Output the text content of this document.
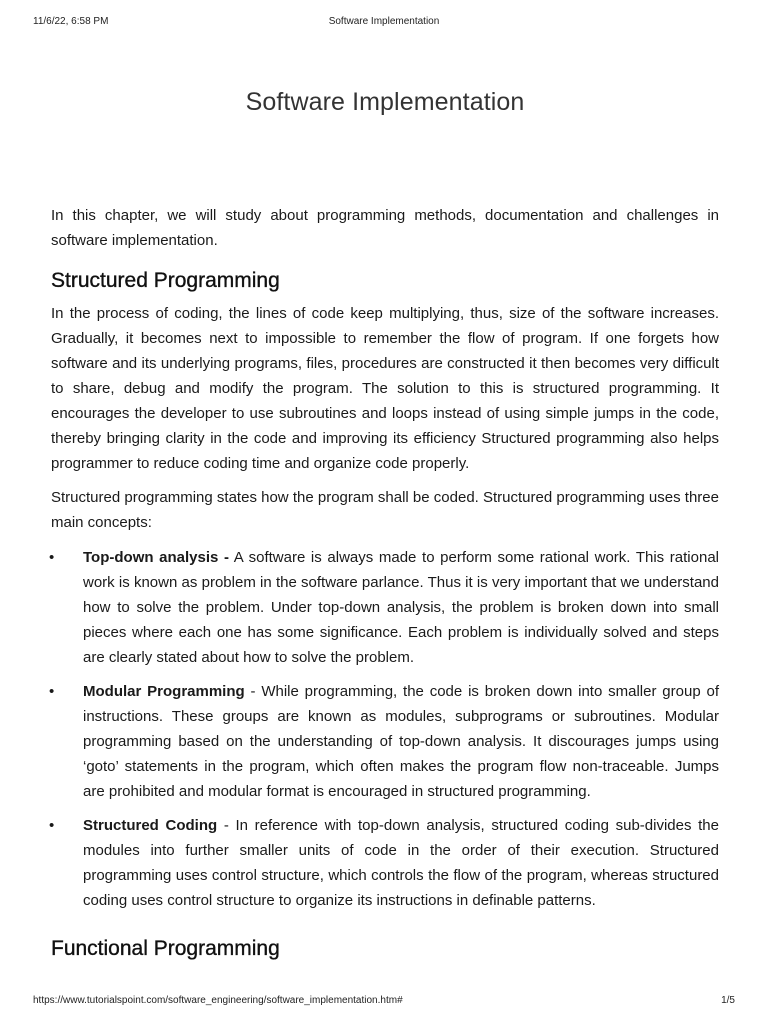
11/6/22, 6:58 PM	Software Implementation
Software Implementation

In this chapter, we will study about programming methods, documentation and challenges in software implementation.

Structured Programming

In the process of coding, the lines of code keep multiplying, thus, size of the software increases. Gradually, it becomes next to impossible to remember the flow of program. If one forgets how software and its underlying programs, files, procedures are constructed it then becomes very difficult to share, debug and modify the program. The solution to this is structured programming. It encourages the developer to use subroutines and loops instead of using simple jumps in the code, thereby bringing clarity in the code and improving its efficiency Structured programming also helps programmer to reduce coding time and organize code properly.

Structured programming states how the program shall be coded. Structured programming uses three main concepts:

• Top-down analysis - A software is always made to perform some rational work. This rational work is known as problem in the software parlance. Thus it is very important that we understand how to solve the problem. Under top-down analysis, the problem is broken down into small pieces where each one has some significance. Each problem is individually solved and steps are clearly stated about how to solve the problem.
• Modular Programming - While programming, the code is broken down into smaller group of instructions. These groups are known as modules, subprograms or subroutines. Modular programming based on the understanding of top-down analysis. It discourages jumps using ‘goto’ statements in the program, which often makes the program flow non-traceable. Jumps are prohibited and modular format is encouraged in structured programming.
• Structured Coding - In reference with top-down analysis, structured coding sub-divides the modules into further smaller units of code in the order of their execution. Structured programming uses control structure, which controls the flow of the program, whereas structured coding uses control structure to organize its instructions in definable patterns.
Functional Programming
https://www.tutorialspoint.com/software_engineering/software_implementation.htm#	1/5
